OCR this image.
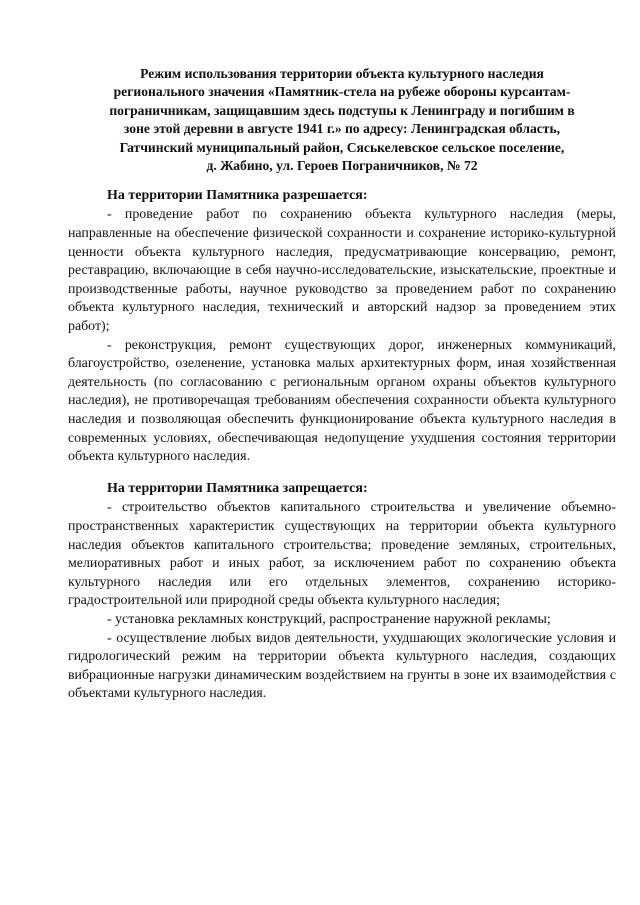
Режим использования территории объекта культурного наследия
регионального значения «Памятник-стела на рубеже обороны курсантам-
пограничникам, защищавшим здесь подступы к Ленинграду и погибшим в
зоне этой деревни в августе 1941 г.» по адресу: Ленинградская область,
Гатчинский муниципальный район, Сяськелевское сельское поселение,
д. Жабино, ул. Героев Пограничников, № 72
На территории Памятника разрешается:

- проведение работ по сохранению объекта культурного наследия (меры, направленные на обеспечение физической сохранности и сохранение историко-культурной ценности объекта культурного наследия, предусматривающие консервацию, ремонт, реставрацию, включающие в себя научно-исследовательские, изыскательские, проектные и производственные работы, научное руководство за проведением работ по сохранению объекта культурного наследия, технический и авторский надзор за проведением этих работ);

- реконструкция, ремонт существующих дорог, инженерных коммуникаций, благоустройство, озеленение, установка малых архитектурных форм, иная хозяйственная деятельность (по согласованию с региональным органом охраны объектов культурного наследия), не противоречащая требованиям обеспечения сохранности объекта культурного наследия и позволяющая обеспечить функционирование объекта культурного наследия в современных условиях, обеспечивающая недопущение ухудшения состояния территории объекта культурного наследия.

На территории Памятника запрещается:

- строительство объектов капитального строительства и увеличение объемно-пространственных характеристик существующих на территории объекта культурного наследия объектов капитального строительства; проведение земляных, строительных, мелиоративных работ и иных работ, за исключением работ по сохранению объекта культурного наследия или его отдельных элементов, сохранению историко-градостроительной или природной среды объекта культурного наследия;

- установка рекламных конструкций, распространение наружной рекламы;

- осуществление любых видов деятельности, ухудшающих экологические условия и гидрологический режим на территории объекта культурного наследия, создающих вибрационные нагрузки динамическим воздействием на грунты в зоне их взаимодействия с объектами культурного наследия.
